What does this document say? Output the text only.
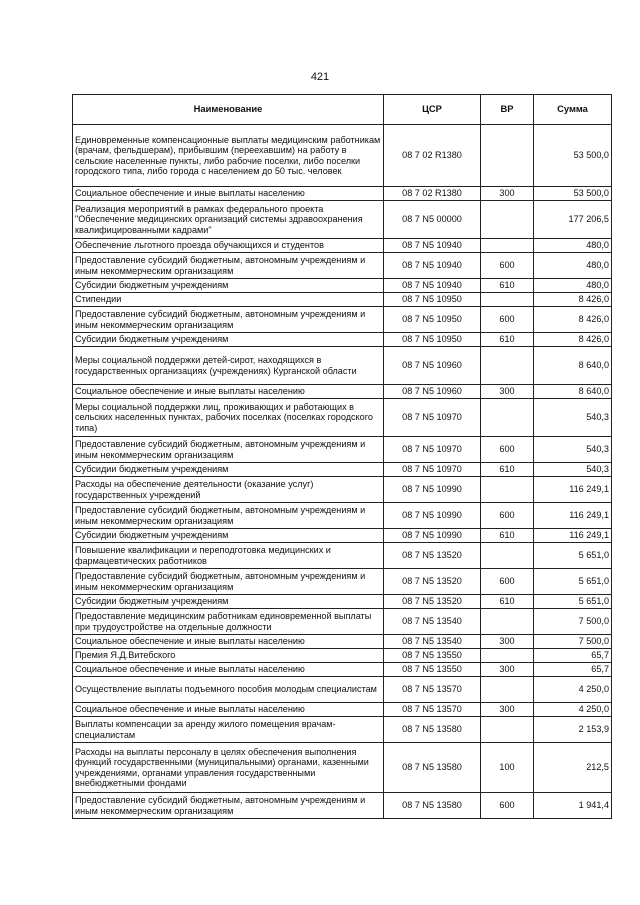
421
Наименование	ЦСР	ВР	Сумма
Единовременные компенсационные выплаты медицинским работникам (врачам, фельдшерам), прибывшим (переехавшим) на работу в сельские населенные пункты, либо рабочие поселки, либо поселки городского типа, либо города с населением до 50 тыс. человек	08 7 02 R1380		53 500,0
Социальное обеспечение и иные выплаты населению	08 7 02 R1380	300	53 500,0
Реализация мероприятий в рамках федерального проекта "Обеспечение медицинских организаций системы здравоохранения квалифицированными кадрами"	08 7 N5 00000		177 206,5
Обеспечение льготного проезда обучающихся и студентов	08 7 N5 10940		480,0
Предоставление субсидий бюджетным, автономным учреждениям и иным некоммерческим организациям	08 7 N5 10940	600	480,0
Субсидии бюджетным учреждениям	08 7 N5 10940	610	480,0
Стипендии	08 7 N5 10950		8 426,0
Предоставление субсидий бюджетным, автономным учреждениям и иным некоммерческим организациям	08 7 N5 10950	600	8 426,0
Субсидии бюджетным учреждениям	08 7 N5 10950	610	8 426,0
Меры социальной поддержки детей-сирот, находящихся в государственных организациях (учреждениях) Курганской области	08 7 N5 10960		8 640,0
Социальное обеспечение и иные выплаты населению	08 7 N5 10960	300	8 640,0
Меры социальной поддержки лиц, проживающих и работающих в сельских населенных пунктах, рабочих поселках (поселках городского типа)	08 7 N5 10970		540,3
Предоставление субсидий бюджетным, автономным учреждениям и иным некоммерческим организациям	08 7 N5 10970	600	540,3
Субсидии бюджетным учреждениям	08 7 N5 10970	610	540,3
Расходы на обеспечение деятельности (оказание услуг) государственных учреждений	08 7 N5 10990		116 249,1
Предоставление субсидий бюджетным, автономным учреждениям и иным некоммерческим организациям	08 7 N5 10990	600	116 249,1
Субсидии бюджетным учреждениям	08 7 N5 10990	610	116 249,1
Повышение квалификации и переподготовка медицинских и фармацевтических работников	08 7 N5 13520		5 651,0
Предоставление субсидий бюджетным, автономным учреждениям и иным некоммерческим организациям	08 7 N5 13520	600	5 651,0
Субсидии бюджетным учреждениям	08 7 N5 13520	610	5 651,0
Предоставление медицинским работникам единовременной выплаты при трудоустройстве на отдельные должности	08 7 N5 13540		7 500,0
Социальное обеспечение и иные выплаты населению	08 7 N5 13540	300	7 500,0
Премия Я.Д.Витебского	08 7 N5 13550		65,7
Социальное обеспечение и иные выплаты населению	08 7 N5 13550	300	65,7
Осуществление выплаты подъемного пособия молодым специалистам	08 7 N5 13570		4 250,0
Социальное обеспечение и иные выплаты населению	08 7 N5 13570	300	4 250,0
Выплаты компенсации за аренду жилого помещения врачам-специалистам	08 7 N5 13580		2 153,9
Расходы на выплаты персоналу в целях обеспечения выполнения функций государственными (муниципальными) органами, казенными учреждениями, органами управления государственными внебюджетными фондами	08 7 N5 13580	100	212,5
Предоставление субсидий бюджетным, автономным учреждениям и иным некоммерческим организациям	08 7 N5 13580	600	1 941,4
